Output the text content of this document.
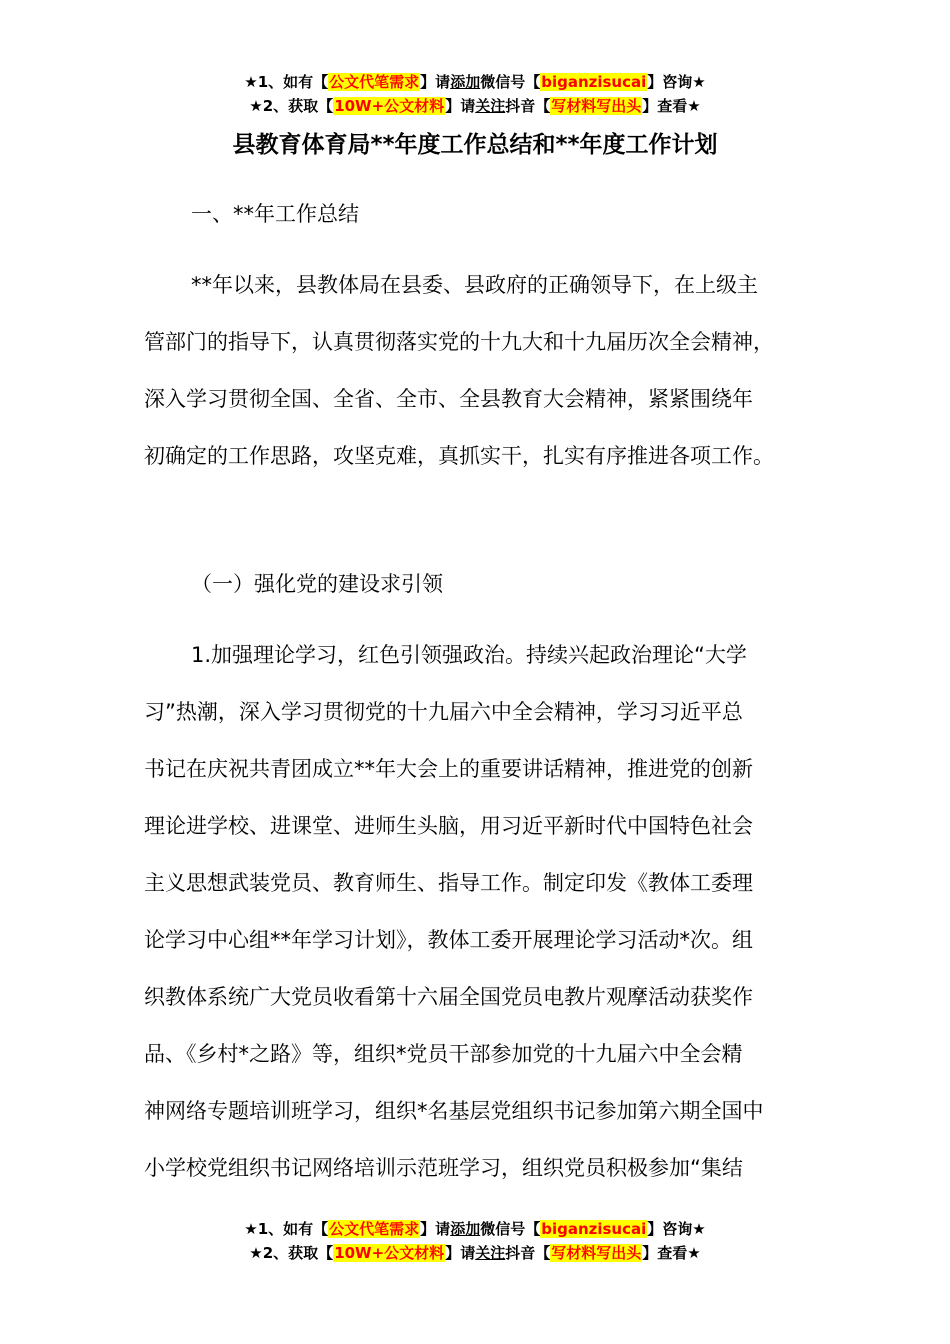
★1、如有【公文代笔需求】请添加微信号【biganzisucai】咨询★
★2、获取【10W+公文材料】请关注抖音【写材料写出头】查看★
县教育体育局**年度工作总结和**年度工作计划

一、**年工作总结

**年以来，县教体局在县委、县政府的正确领导下，在上级主
管部门的指导下，认真贯彻落实党的十九大和十九届历次全会精神，
深入学习贯彻全国、全省、全市、全县教育大会精神，紧紧围绕年
初确定的工作思路，攻坚克难，真抓实干，扎实有序推进各项工作。

（一）强化党的建设求引领

1.加强理论学习，红色引领强政治。持续兴起政治理论“大学
习”热潮，深入学习贯彻党的十九届六中全会精神，学习习近平总
书记在庆祝共青团成立**年大会上的重要讲话精神，推进党的创新
理论进学校、进课堂、进师生头脑，用习近平新时代中国特色社会
主义思想武装党员、教育师生、指导工作。制定印发《教体工委理
论学习中心组**年学习计划》，教体工委开展理论学习活动*次。组
织教体系统广大党员收看第十六届全国党员电教片观摩活动获奖作
品、《乡村*之路》等，组织*党员干部参加党的十九届六中全会精
神网络专题培训班学习，组织*名基层党组织书记参加第六期全国中
小学校党组织书记网络培训示范班学习，组织党员积极参加“集结
★1、如有【公文代笔需求】请添加微信号【biganzisucai】咨询★
★2、获取【10W+公文材料】请关注抖音【写材料写出头】查看★
